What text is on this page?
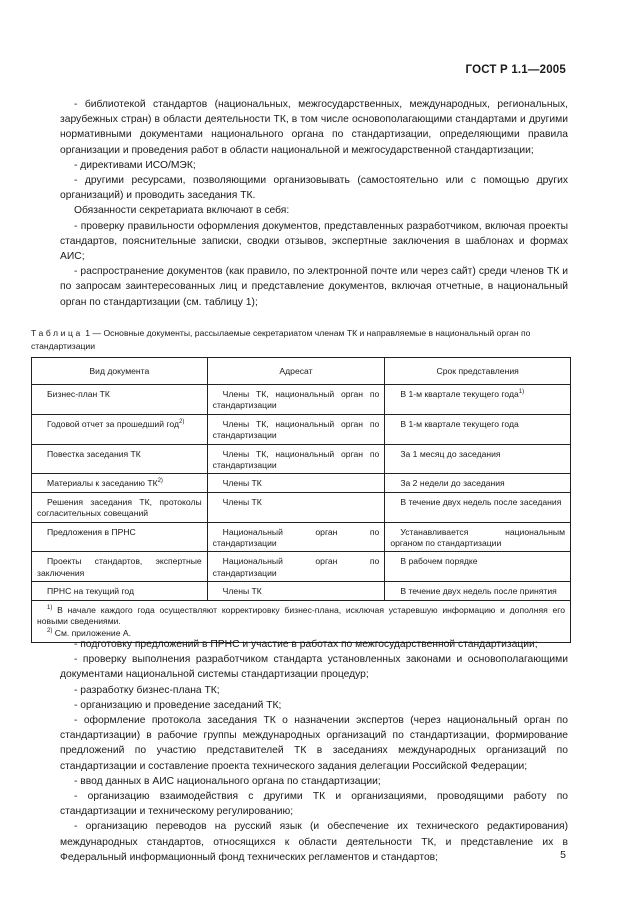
ГОСТ Р 1.1—2005

- библиотекой стандартов (национальных, межгосударственных, международных, региональных, зарубежных стран) в области деятельности ТК, в том числе основополагающими стандартами и другими нормативными документами национального органа по стандартизации, определяющими правила организации и проведения работ в области национальной и межгосударственной стандартизации;

- директивами ИСО/МЭК;

- другими ресурсами, позволяющими организовывать (самостоятельно или с помощью других организаций) и проводить заседания ТК.

Обязанности секретариата включают в себя:

- проверку правильности оформления документов, представленных разработчиком, включая проекты стандартов, пояснительные записки, сводки отзывов, экспертные заключения в шаблонах и формах АИС;

- распространение документов (как правило, по электронной почте или через сайт) среди членов ТК и по запросам заинтересованных лиц и представление документов, включая отчетные, в национальный орган по стандартизации (см. таблицу 1);

Таблица 1 — Основные документы, рассылаемые секретариатом членам ТК и направляемые в национальный орган по стандартизации
Вид документа	Адресат	Срок представления
Бизнес-план ТК	Члены ТК, национальный орган по стандартизации	В 1-м квартале текущего года$^{1)}$
Годовой отчет за прошедший год$^{2)}$	Члены ТК, национальный орган по стандартизации	В 1-м квартале текущего года
Повестка заседания ТК	Члены ТК, национальный орган по стандартизации	За 1 месяц до заседания
Материалы к заседанию ТК$^{2)}$	Члены ТК	За 2 недели до заседания
Решения заседания ТК, протоколы согласительных совещаний	Члены ТК	В течение двух недель после заседания
Предложения в ПРНС	Национальный орган по стандартизации	Устанавливается национальным органом по стандартизации
Проекты стандартов, экспертные заключения	Национальный орган по стандартизации	В рабочем порядке
ПРНС на текущий год	Члены ТК	В течение двух недель после принятия

$^{1)}$ В начале каждого года осуществляют корректировку бизнес-плана, исключая устаревшую информацию и дополняя его новыми сведениями.
$^{2)}$ См. приложение А.		

- подготовку предложений в ПРНС и участие в работах по межгосударственной стандартизации;

- проверку выполнения разработчиком стандарта установленных законами и основополагающими документами национальной системы стандартизации процедур;

- разработку бизнес-плана ТК;

- организацию и проведение заседаний ТК;

- оформление протокола заседания ТК о назначении экспертов (через национальный орган по стандартизации) в рабочие группы международных организаций по стандартизации, формирование предложений по участию представителей ТК в заседаниях международных организаций по стандартизации и составление проекта технического задания делегации Российской Федерации;

- ввод данных в АИС национального органа по стандартизации;

- организацию взаимодействия с другими ТК и организациями, проводящими работу по стандартизации и техническому регулированию;

- организацию переводов на русский язык (и обеспечение их технического редактирования) международных стандартов, относящихся к области деятельности ТК, и представление их в Федеральный информационный фонд технических регламентов и стандартов;	5
